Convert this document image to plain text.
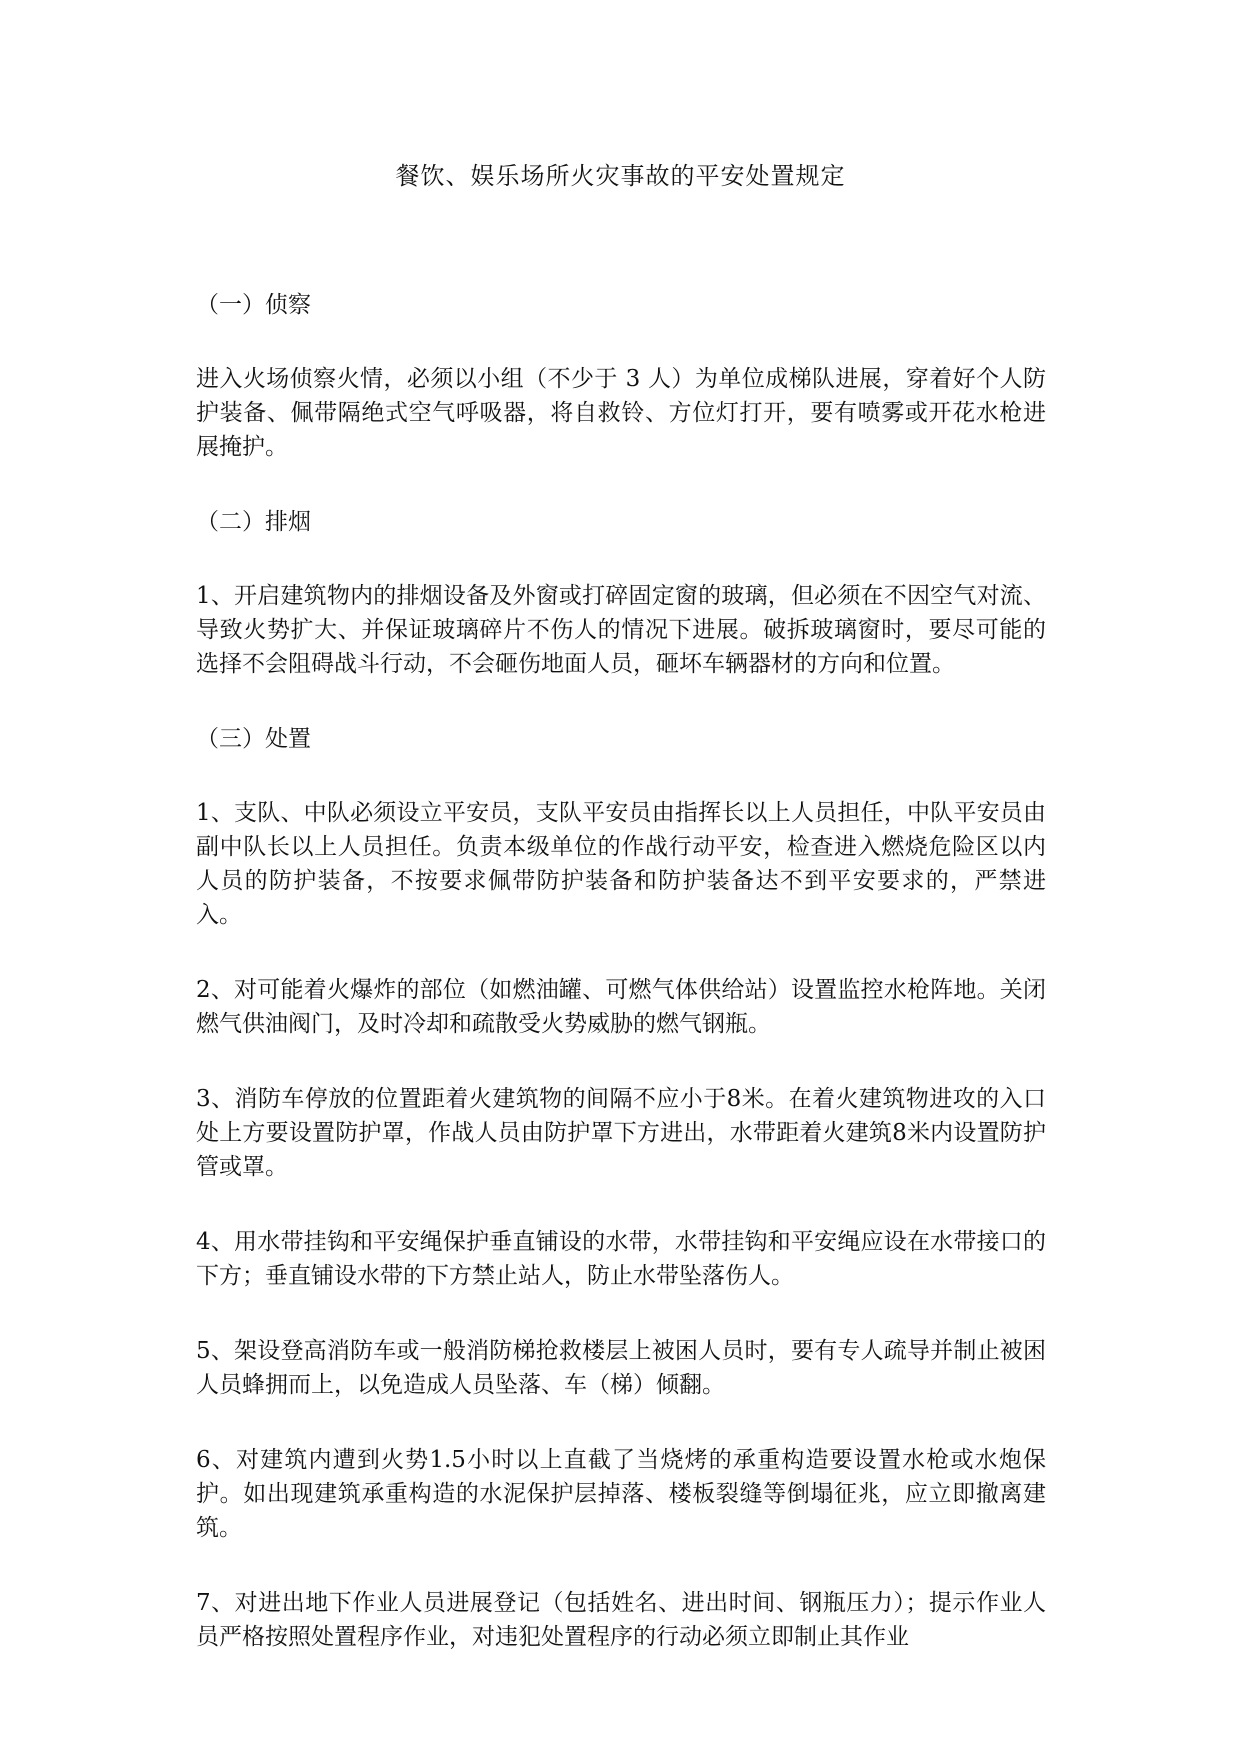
餐饮、娱乐场所火灾事故的平安处置规定
（一）侦察

进入火场侦察火情，必须以小组（不少于 3 人）为单位成梯队进展，穿着好个人防护装备、佩带隔绝式空气呼吸器，将自救铃、方位灯打开，要有喷雾或开花水枪进展掩护。

（二）排烟

1、开启建筑物内的排烟设备及外窗或打碎固定窗的玻璃，但必须在不因空气对流、导致火势扩大、并保证玻璃碎片不伤人的情况下进展。破拆玻璃窗时，要尽可能的选择不会阻碍战斗行动，不会砸伤地面人员，砸坏车辆器材的方向和位置。

（三）处置

1、支队、中队必须设立平安员，支队平安员由指挥长以上人员担任，中队平安员由副中队长以上人员担任。负责本级单位的作战行动平安，检查进入燃烧危险区以内人员的防护装备，不按要求佩带防护装备和防护装备达不到平安要求的，严禁进入。

2、对可能着火爆炸的部位（如燃油罐、可燃气体供给站）设置监控水枪阵地。关闭燃气供油阀门，及时冷却和疏散受火势威胁的燃气钢瓶。

3、消防车停放的位置距着火建筑物的间隔不应小于8米。在着火建筑物进攻的入口处上方要设置防护罩，作战人员由防护罩下方进出，水带距着火建筑8米内设置防护管或罩。

4、用水带挂钩和平安绳保护垂直铺设的水带，水带挂钩和平安绳应设在水带接口的下方；垂直铺设水带的下方禁止站人，防止水带坠落伤人。

5、架设登高消防车或一般消防梯抢救楼层上被困人员时，要有专人疏导并制止被困人员蜂拥而上，以免造成人员坠落、车（梯）倾翻。

6、对建筑内遭到火势1.5小时以上直截了当烧烤的承重构造要设置水枪或水炮保护。如出现建筑承重构造的水泥保护层掉落、楼板裂缝等倒塌征兆，应立即撤离建筑。

7、对进出地下作业人员进展登记（包括姓名、进出时间、钢瓶压力）；提示作业人员严格按照处置程序作业，对违犯处置程序的行动必须立即制止其作业
